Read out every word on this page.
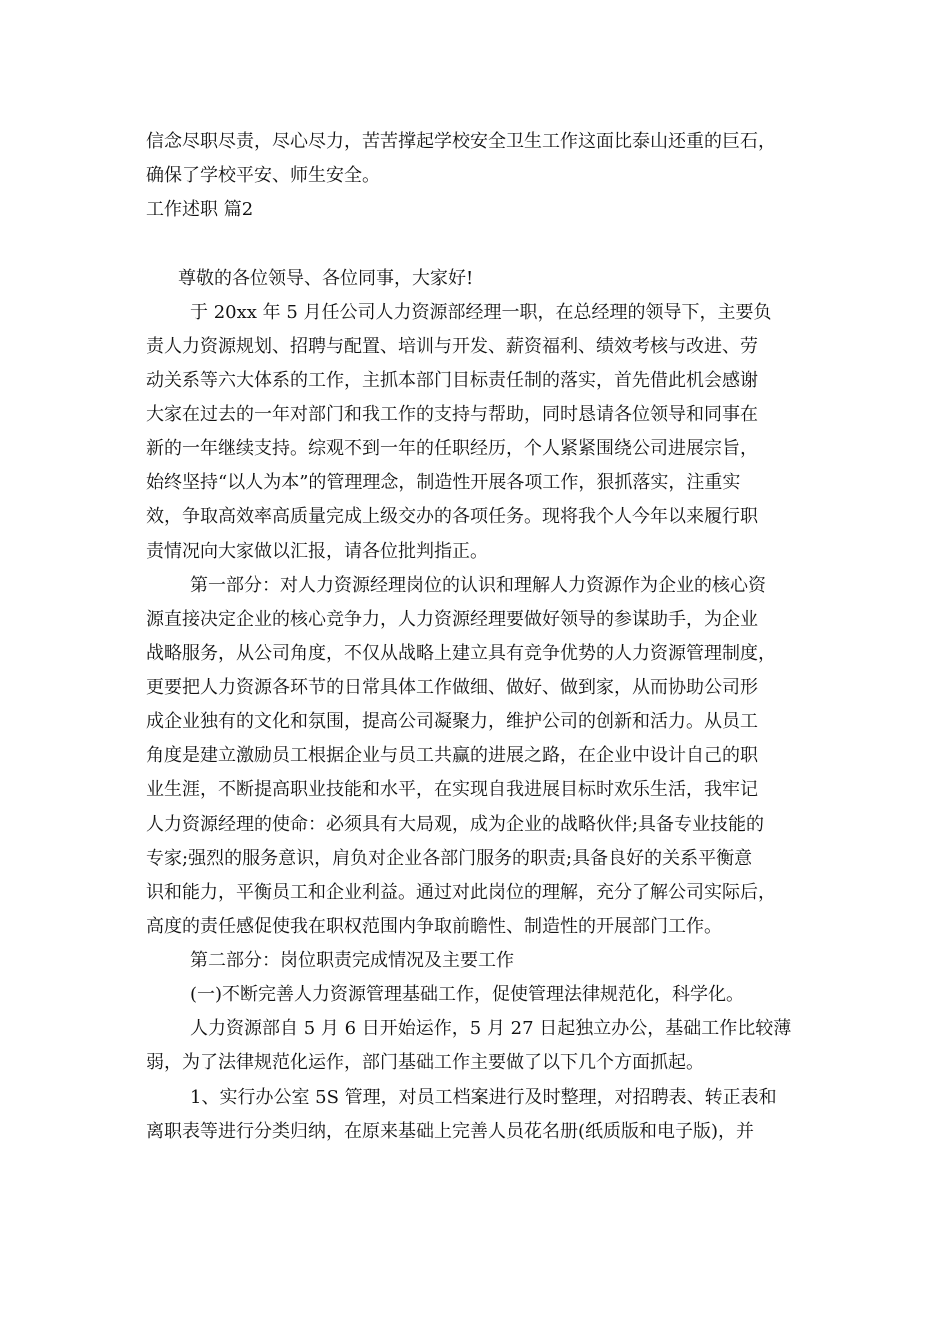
信念尽职尽责，尽心尽力，苦苦撑起学校安全卫生工作这面比泰山还重的巨石，
确保了学校平安、师生安全。
工作述职 篇2
尊敬的各位领导、各位同事，大家好!
于 20xx 年 5 月任公司人力资源部经理一职，在总经理的领导下，主要负
责人力资源规划、招聘与配置、培训与开发、薪资福利、绩效考核与改进、劳
动关系等六大体系的工作，主抓本部门目标责任制的落实，首先借此机会感谢
大家在过去的一年对部门和我工作的支持与帮助，同时恳请各位领导和同事在
新的一年继续支持。综观不到一年的任职经历，个人紧紧围绕公司进展宗旨，
始终坚持“以人为本”的管理理念，制造性开展各项工作，狠抓落实，注重实
效，争取高效率高质量完成上级交办的各项任务。现将我个人今年以来履行职
责情况向大家做以汇报，请各位批判指正。
第一部分：对人力资源经理岗位的认识和理解人力资源作为企业的核心资
源直接决定企业的核心竞争力，人力资源经理要做好领导的参谋助手，为企业
战略服务，从公司角度，不仅从战略上建立具有竞争优势的人力资源管理制度，
更要把人力资源各环节的日常具体工作做细、做好、做到家，从而协助公司形
成企业独有的文化和氛围，提高公司凝聚力，维护公司的创新和活力。从员工
角度是建立激励员工根据企业与员工共赢的进展之路，在企业中设计自己的职
业生涯，不断提高职业技能和水平，在实现自我进展目标时欢乐生活，我牢记
人力资源经理的使命：必须具有大局观，成为企业的战略伙伴;具备专业技能的
专家;强烈的服务意识，肩负对企业各部门服务的职责;具备良好的关系平衡意
识和能力，平衡员工和企业利益。通过对此岗位的理解，充分了解公司实际后，
高度的责任感促使我在职权范围内争取前瞻性、制造性的开展部门工作。
第二部分：岗位职责完成情况及主要工作
(一)不断完善人力资源管理基础工作，促使管理法律规范化，科学化。
人力资源部自 5 月 6 日开始运作，5 月 27 日起独立办公，基础工作比较薄
弱，为了法律规范化运作，部门基础工作主要做了以下几个方面抓起。
1、实行办公室 5S 管理，对员工档案进行及时整理，对招聘表、转正表和
离职表等进行分类归纳，在原来基础上完善人员花名册(纸质版和电子版)，并
